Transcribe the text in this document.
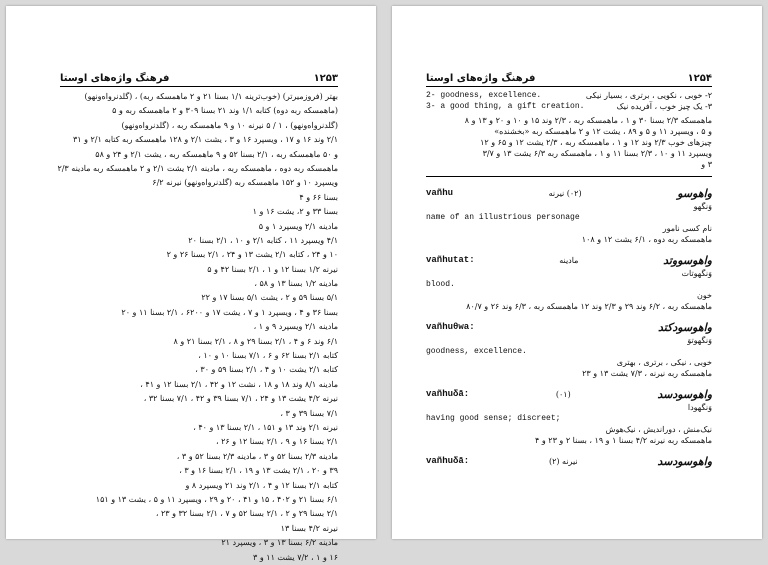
۱۲۵۳
فرهنگ واژه‌های اوستا
بهتر (فروزمیرتر) (خوب‌ترینه ۱/۱ بسنا ۲۱ و ۲ ماهمسکه ربه) ، (گلدنرواه‌ونهو)
(ماهمسکه ربه دوه) کتابه ۱/۱ وند ۲۱ بسنا ۳۰۹ و ۲ ماهمسکه ربه و ۵
(گلدنرواه‌ونهو) ، ۱ / ۵ نیرنه ۱۰ و ۹ ماهمسکه ربه ، (گلدنرواه‌ونهو)
۲/۱ وند ۱۶ و ۱۷ ، ویسپرد ۱۶ و ۳ ، یشت ۲/۱ و ۱۲۸ ماهمسکه ربه کتابه ۲/۱ و ۳۱
و ۵۰ ماهمسکه ربه ، ۲/۱ بسنا ۵۲ و ۹ ماهمسکه ربه ، یشت ۲/۱ و ۲۴ و ۵۸
ماهمسکه ربه دوه ، ماهمسکه ربه ، مادینه ۲/۱ یشت ۲/۱ و ۲ ماهمسکه ربه مادینه ۲/۳
ویسپرد ۱۰ و ۱۵۲ ماهمسکه ربه (گلدنرواه‌ونهو) نیرنه ۶/۲
بسنا ۶۶ و ۴
بسنا ۳۳ و ۲، یشت ۱۶ و ۱
مادینه ۲/۱ ویسپرد ۱ و ۵
۴/۱ ویسپرد ۱۱ ، کتابه ۲/۱ و ۱۰ ، ۲/۱ بسنا ۲۰
۱۰ و ۲۴ ، کتابه ۲/۱ یشت ۱۳ و ۲۴ ، ۲/۱ بسنا ۲۶ و ۲
نیرنه ۱/۲ بسنا ۱۲ و ۱ ، ۲/۱ بسنا ۴۲ و ۵
مادینه ۱/۲ بسنا ۱۳ و ۵۸ ،
۵/۱ بسنا ۵۹ و ۲ ، یشت ۵/۱ بسنا ۱۷ و ۲۲
بسنا ۳۶ و ۴ ، ویسپرد ۱ و ۷ ، یشت ۱۷ و ۶۲۰۰ ، ۲/۱ بسنا ۱۱ و ۲۰
مادینه ۲/۱ ویسپرد ۹ و ۱ ،
۶/۱ وند ۶ و ۴ ، ۲/۱ بسنا ۲۹ و ۸ ، ۲/۱ بسنا ۲۱ و ۸
کتابه ۲/۱ بسنا ۶۲ و ۶ ، ۷/۱ بسنا ۱۰ و ۱۰ ،
کتابه ۲/۱ یشت ۱۰ و ۴ ، ۲/۱ بسنا ۵۹ و ۳۰ ،
مادینه ۸/۱ وند ۱۸ و ۱۸ ، نشت ۱۲ و ۴۲ ، ۲/۱ بسنا ۱۲ و ۴۱ ،
نیرنه ۴/۲ یشت ۱۳ و ۲۴ ، ۷/۱ بسنا ۳۹ و ۴۲ ، ۷/۱ بسنا ۳۲ ،
۷/۱ بسنا ۳۹ و ۳ ،
نیرنه ۲/۱ وند ۱۳ و ۱۵۱ ، ۲/۱ بسنا ۱۳ و ۴۰ ،
۲/۱ بسنا ۱۶ و ۹ ، ۲/۱ بسنا ۱۲ و ۲۶ ،
مادینه ۲/۳ بسنا ۵۲ و ۳ ، مادینه ۲/۳ بسنا ۵۲ و ۳ ،
۳۹ و ۲۰ ، ۲/۱ یشت ۱۳ و ۱۹ ، ۲/۱ بسنا ۱۶ و ۳ ،
کتابه ۲/۱ بسنا ۱۲ و ۴ ، ۲/۱ وند ۲۱ ویسپرد ۸ و
۶/۱ بسنا ۲۱ و ۴۰۲ ، ۱۵ و ۴۱ ، ۲۰ و ۲۹ ، ویسپرد ۱۱ و ۵ ، یشت ۱۳ و ۱۵۱
۲/۱ بسنا ۲۹ و ۲ ، ۲/۱ بسنا ۵۲ و ۷ ، ۲/۱ بسنا ۳۲ و ۲۳ ،
نیرنه ۴/۲ بسنا ۱۳
مادینه ۶/۲ بسنا ۱۳ و ۳ ، ویسپرد ۲۱
۱۶ و ۱ ، ۷/۲ یشت ۱۱ و ۳
۱۲۵۴
فرهنگ واژه‌های اوستا
2- goodness, excellence.	۲- خوبی ، نکویی ، برتری ، بسیار نیکی
3- a good thing, a gift creation.	۳- یک چیز خوب ، آفریده نیک
ماهمسکه ۲/۳ بسنا ۳۰ و ۱ ، ماهمسکه ربه ، ۲/۳ وند ۱۵ و ۱۰ و ۲۰ و ۱۳ و ۸
و ۵ ، ویسپرد ۱۱ و ۵ و ۸۹ ، یشت ۱۲ و ۲ ماهمسکه ربه «بخشنده»
چیزهای خوب ۲/۳ وند ۱۲ و ۱ ، ماهمسکه ربه ، ۲/۳ یشت ۱۲ و ۶۵ و ۱۲
ویسپرد ۱۱ و ۱۰ ، ۲/۳ بسنا ۱۱ و ۱ ، ماهمسکه ربه ۶/۳ یشت ۱۳ و ۳/۷
۳ و
vañhu	(۰۲) نیرنه	واهوسو
وَنگهو
name of an illustrious personage
نام کسی نامور
ماهمسکه ربه دوه ، ۶/۱ یشت ۱۲ و ۱۰۸
vañhutat:	مادینه	واهوسووتد
وَنگهوتات
blood.
خون
ماهمسکه ربه ، ۶/۲ وند ۲۹ و ۲/۳ وند ۱۲ ماهمسکه ربه ، ۶/۳ وند ۲۶ و ۸۰/۷
vañhuθwa:	واهوسودکتد
وَنگهوتوَ
goodness, excellence.
خوبی ، نیکی ، برتری ، بهتری
ماهمسکه ربه نیرنه ، ۷/۳ یشت ۱۳ و ۲۳
vañhuδā:	(۰۱)	واهوسودسد
وَنگهودا
having good sense; discreet;
نیک‌منش ، دوراندیش ، نیک‌هوش
ماهمسکه ربه نیرنه ۴/۲ بسنا ۱ و ۱۹ ، بسنا ۲ و ۲۳ و ۴
vañhuδā:	نیرنه (۲)	واهوسودسد
